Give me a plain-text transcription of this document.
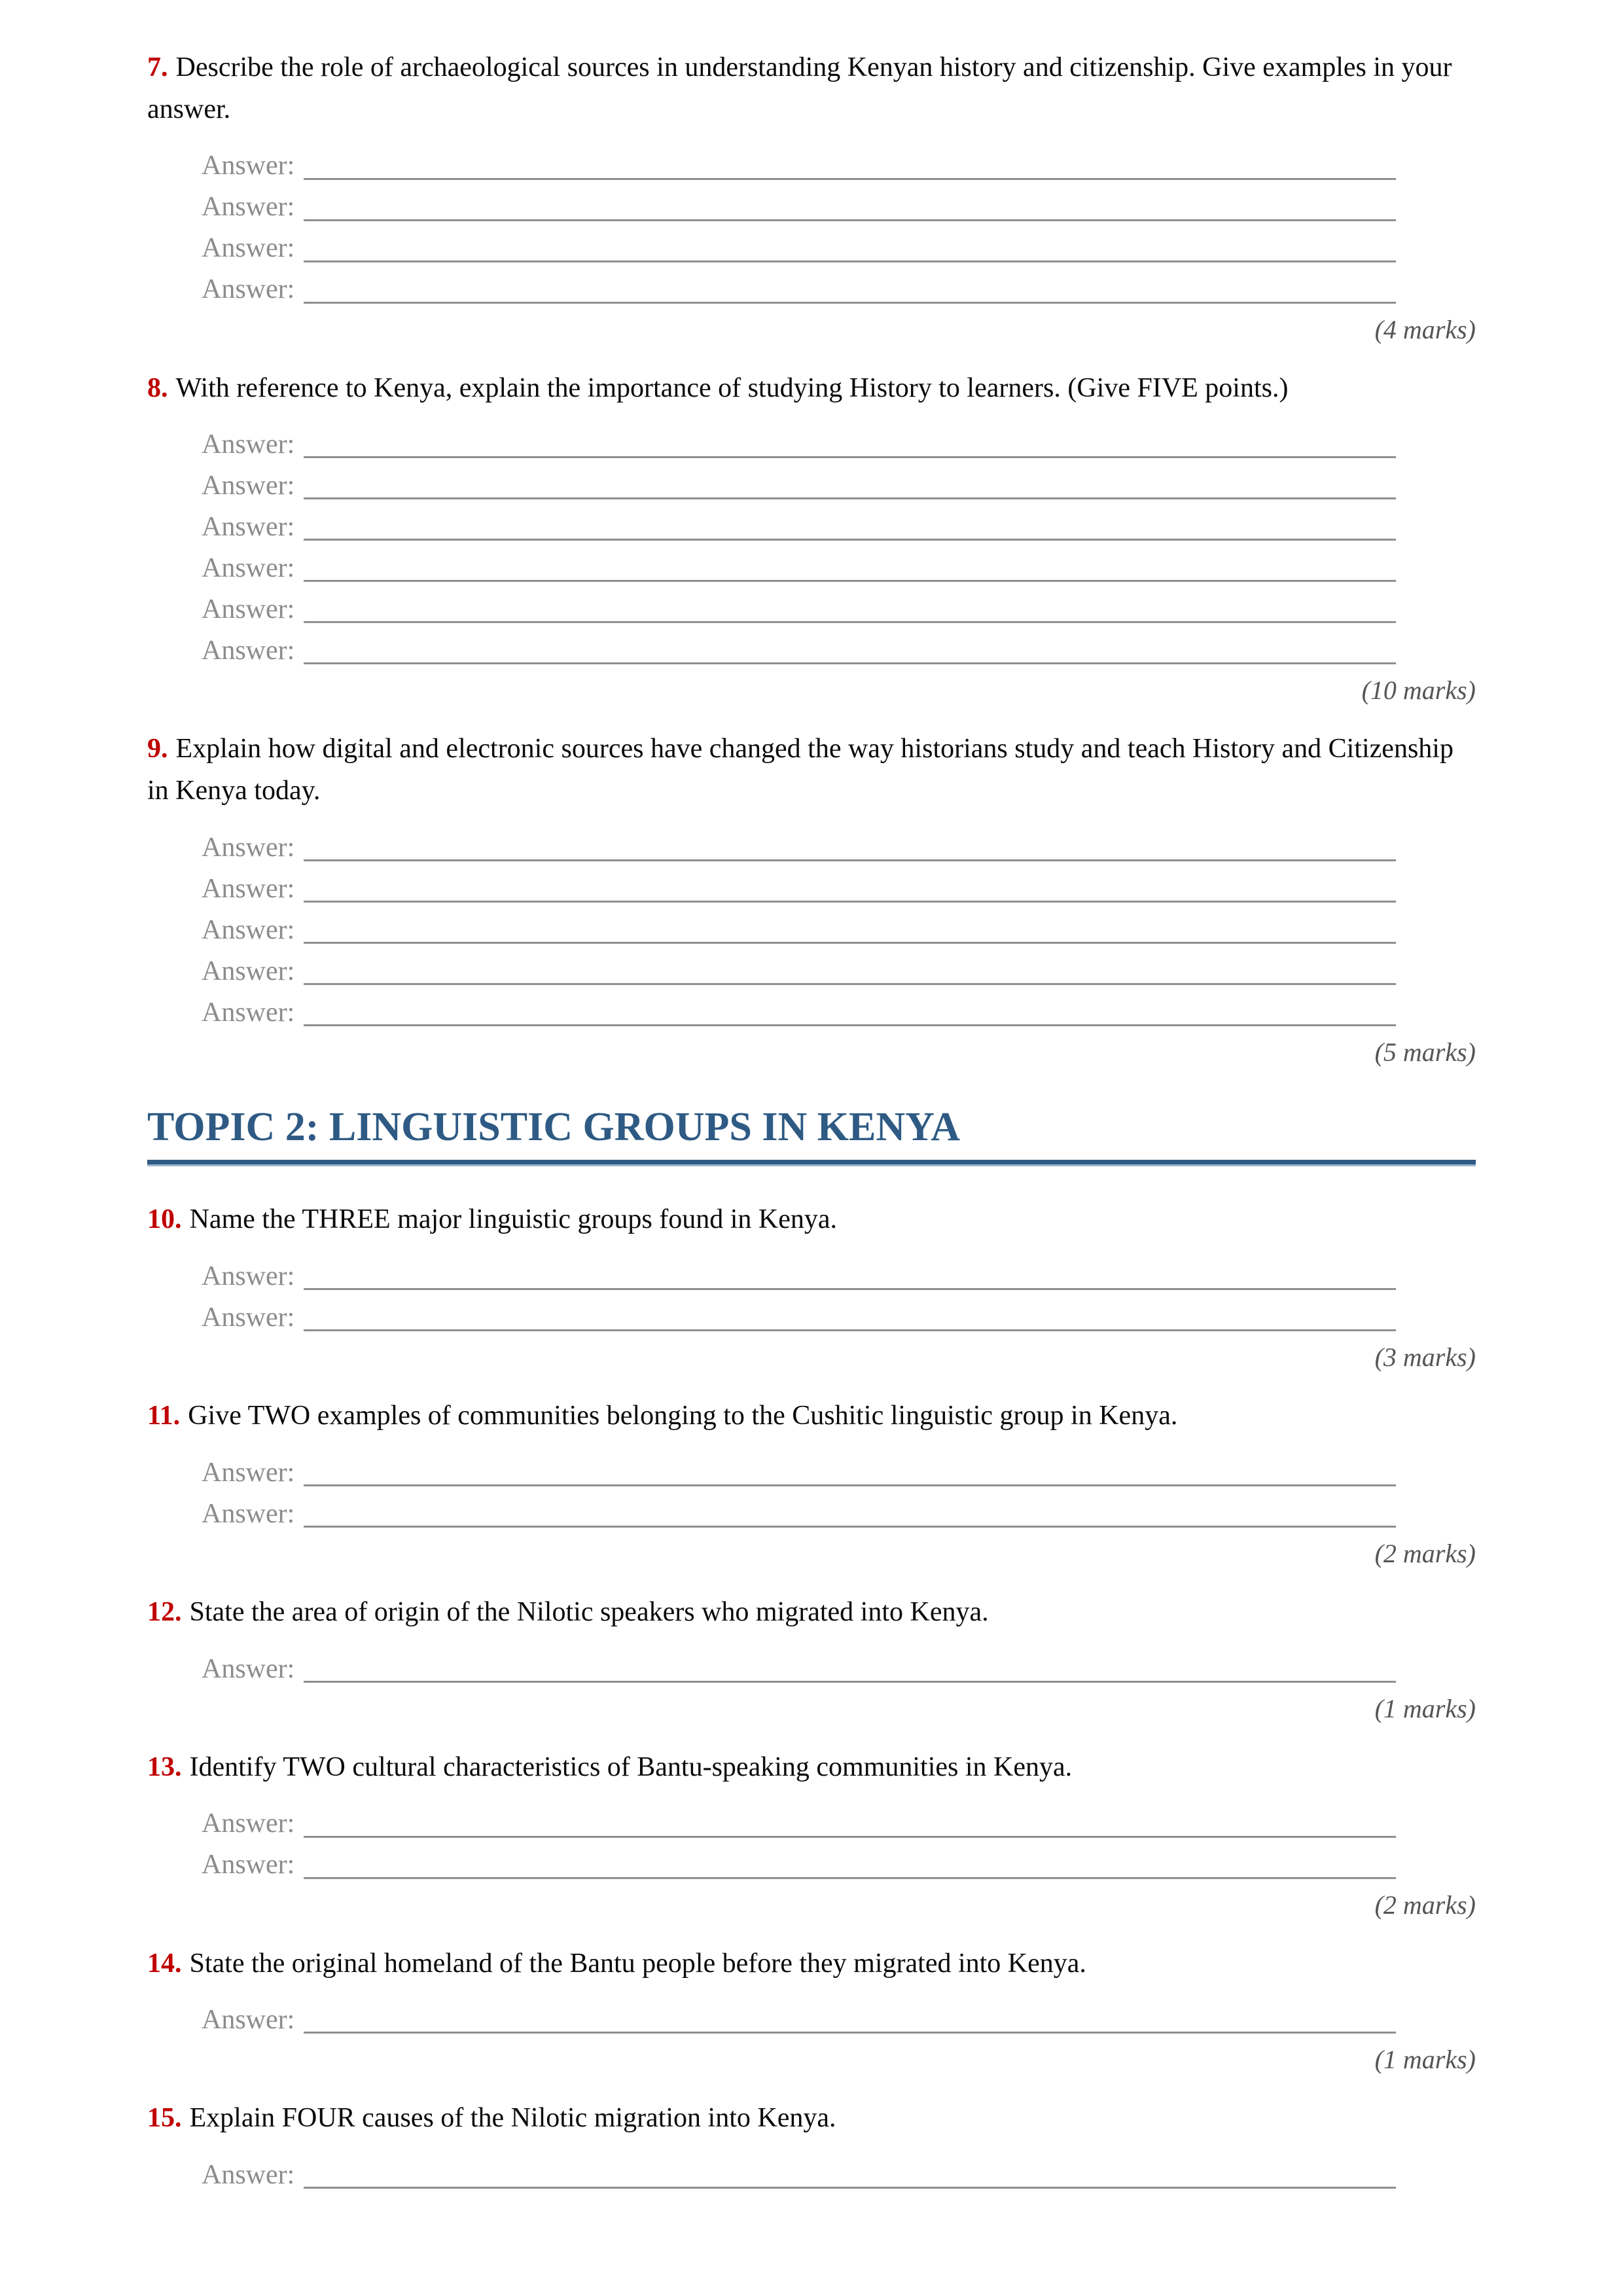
7. Describe the role of archaeological sources in understanding Kenyan history and citizenship. Give examples in your answer.

Answer:
Answer:
Answer:
Answer:
(4 marks)

8. With reference to Kenya, explain the importance of studying History to learners. (Give FIVE points.)

Answer:
Answer:
Answer:
Answer:
Answer:
Answer:
(10 marks)

9. Explain how digital and electronic sources have changed the way historians study and teach History and Citizenship in Kenya today.

Answer:
Answer:
Answer:
Answer:
Answer:
(5 marks)
TOPIC 2: LINGUISTIC GROUPS IN KENYA

10. Name the THREE major linguistic groups found in Kenya.

Answer:
Answer:
(3 marks)

11. Give TWO examples of communities belonging to the Cushitic linguistic group in Kenya.

Answer:
Answer:
(2 marks)

12. State the area of origin of the Nilotic speakers who migrated into Kenya.

Answer:
(1 marks)

13. Identify TWO cultural characteristics of Bantu-speaking communities in Kenya.

Answer:
Answer:
(2 marks)

14. State the original homeland of the Bantu people before they migrated into Kenya.

Answer:
(1 marks)

15. Explain FOUR causes of the Nilotic migration into Kenya.

Answer:
